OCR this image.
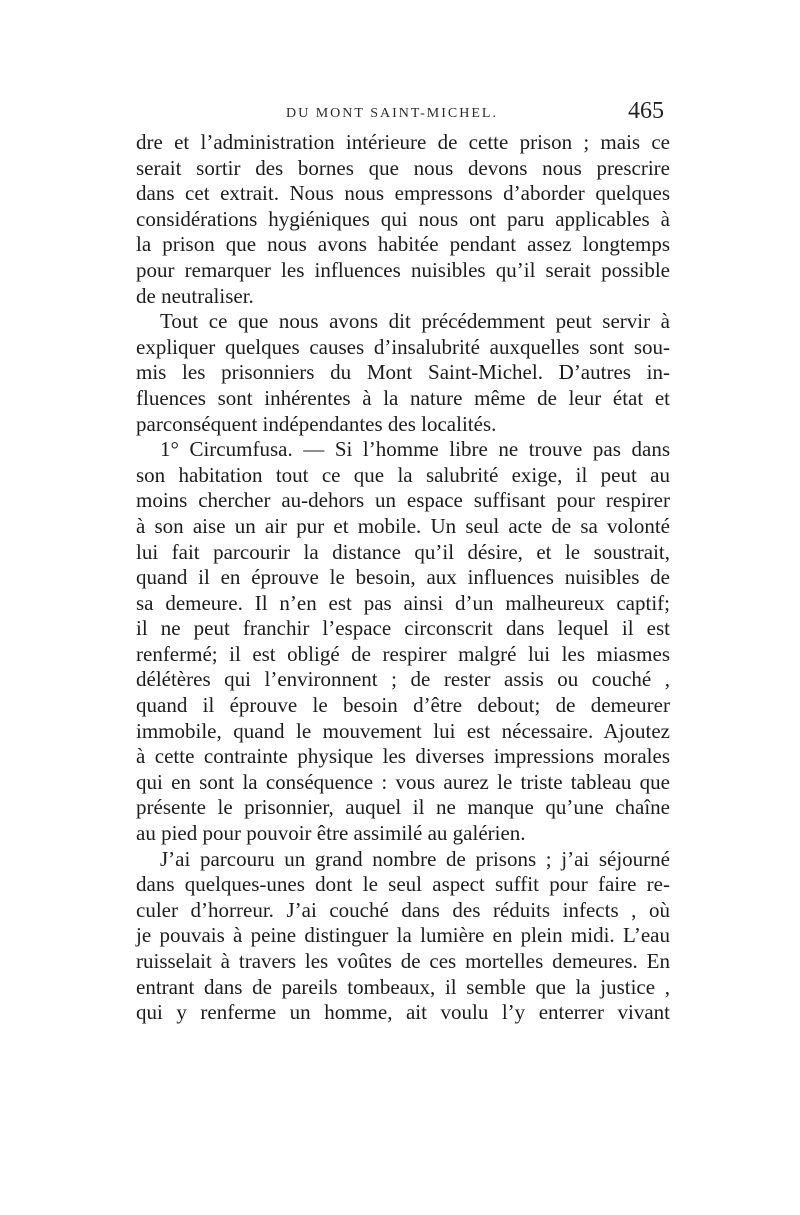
DU MONT SAINT-MICHEL.	465
dre et l’administration intérieure de cette prison ; mais ce
serait sortir des bornes que nous devons nous prescrire
dans cet extrait. Nous nous empressons d’aborder quelques
considérations hygiéniques qui nous ont paru applicables à
la prison que nous avons habitée pendant assez longtemps
pour remarquer les influences nuisibles qu’il serait possible
de neutraliser.
Tout ce que nous avons dit précédemment peut servir à
expliquer quelques causes d’insalubrité auxquelles sont sou-
mis les prisonniers du Mont Saint-Michel. D’autres in-
fluences sont inhérentes à la nature même de leur état et
parconséquent indépendantes des localités.
1° Circumfusa. — Si l’homme libre ne trouve pas dans
son habitation tout ce que la salubrité exige, il peut au
moins chercher au-dehors un espace suffisant pour respirer
à son aise un air pur et mobile. Un seul acte de sa volonté
lui fait parcourir la distance qu’il désire, et le soustrait,
quand il en éprouve le besoin, aux influences nuisibles de
sa demeure. Il n’en est pas ainsi d’un malheureux captif;
il ne peut franchir l’espace circonscrit dans lequel il est
renfermé; il est obligé de respirer malgré lui les miasmes
délétères qui l’environnent ; de rester assis ou couché ,
quand il éprouve le besoin d’être debout; de demeurer
immobile, quand le mouvement lui est nécessaire. Ajoutez
à cette contrainte physique les diverses impressions morales
qui en sont la conséquence : vous aurez le triste tableau que
présente le prisonnier, auquel il ne manque qu’une chaîne
au pied pour pouvoir être assimilé au galérien.
J’ai parcouru un grand nombre de prisons ; j’ai séjourné
dans quelques-unes dont le seul aspect suffit pour faire re-
culer d’horreur. J’ai couché dans des réduits infects , où
je pouvais à peine distinguer la lumière en plein midi. L’eau
ruisselait à travers les voûtes de ces mortelles demeures. En
entrant dans de pareils tombeaux, il semble que la justice ,
qui y renferme un homme, ait voulu l’y enterrer vivant
